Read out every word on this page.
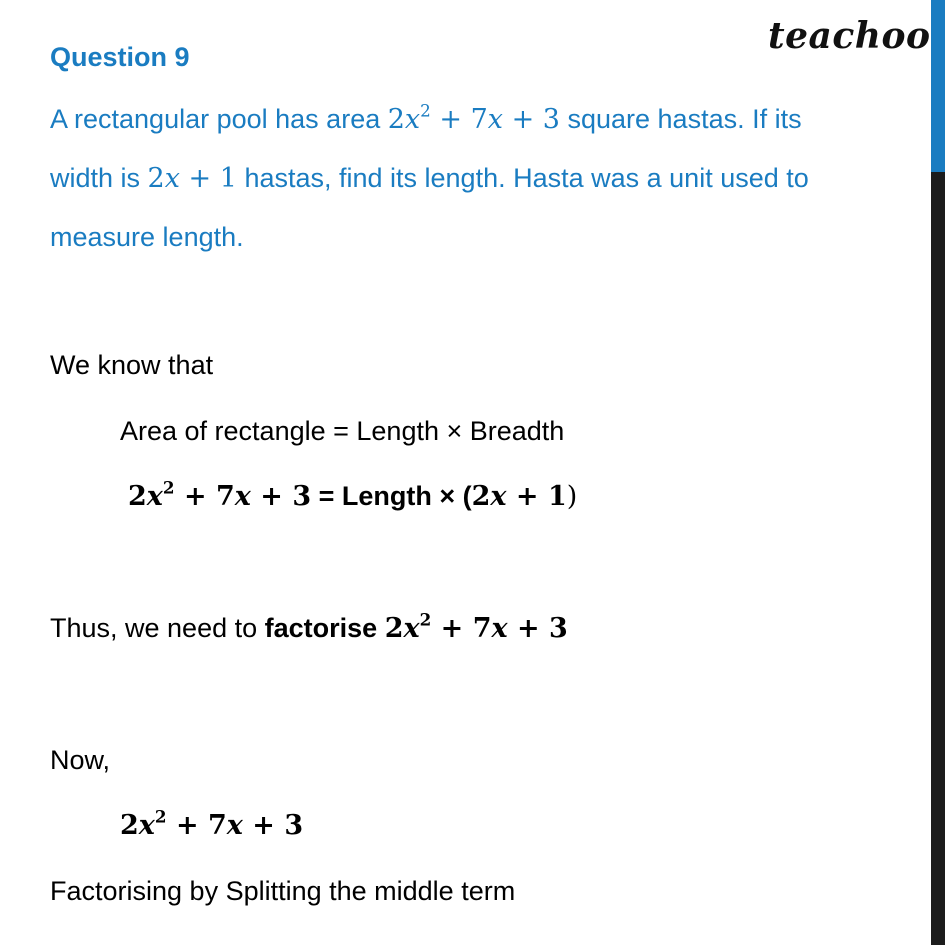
Question 9	teachoo
A rectangular pool has area $2x^2 + 7x + 3$ square hastas. If its
width is 2x + 1 hastas, find its length. Hasta was a unit used to
measure length.
We know that
Area of rectangle = Length × Breadth
$2x^2 + 7x + 3$ = Length × (2x + 1)
Thus, we need to factorise $2x^2 + 7x + 3$
Now,
$2x^2 + 7x + 3$
Factorising by Splitting the middle term
